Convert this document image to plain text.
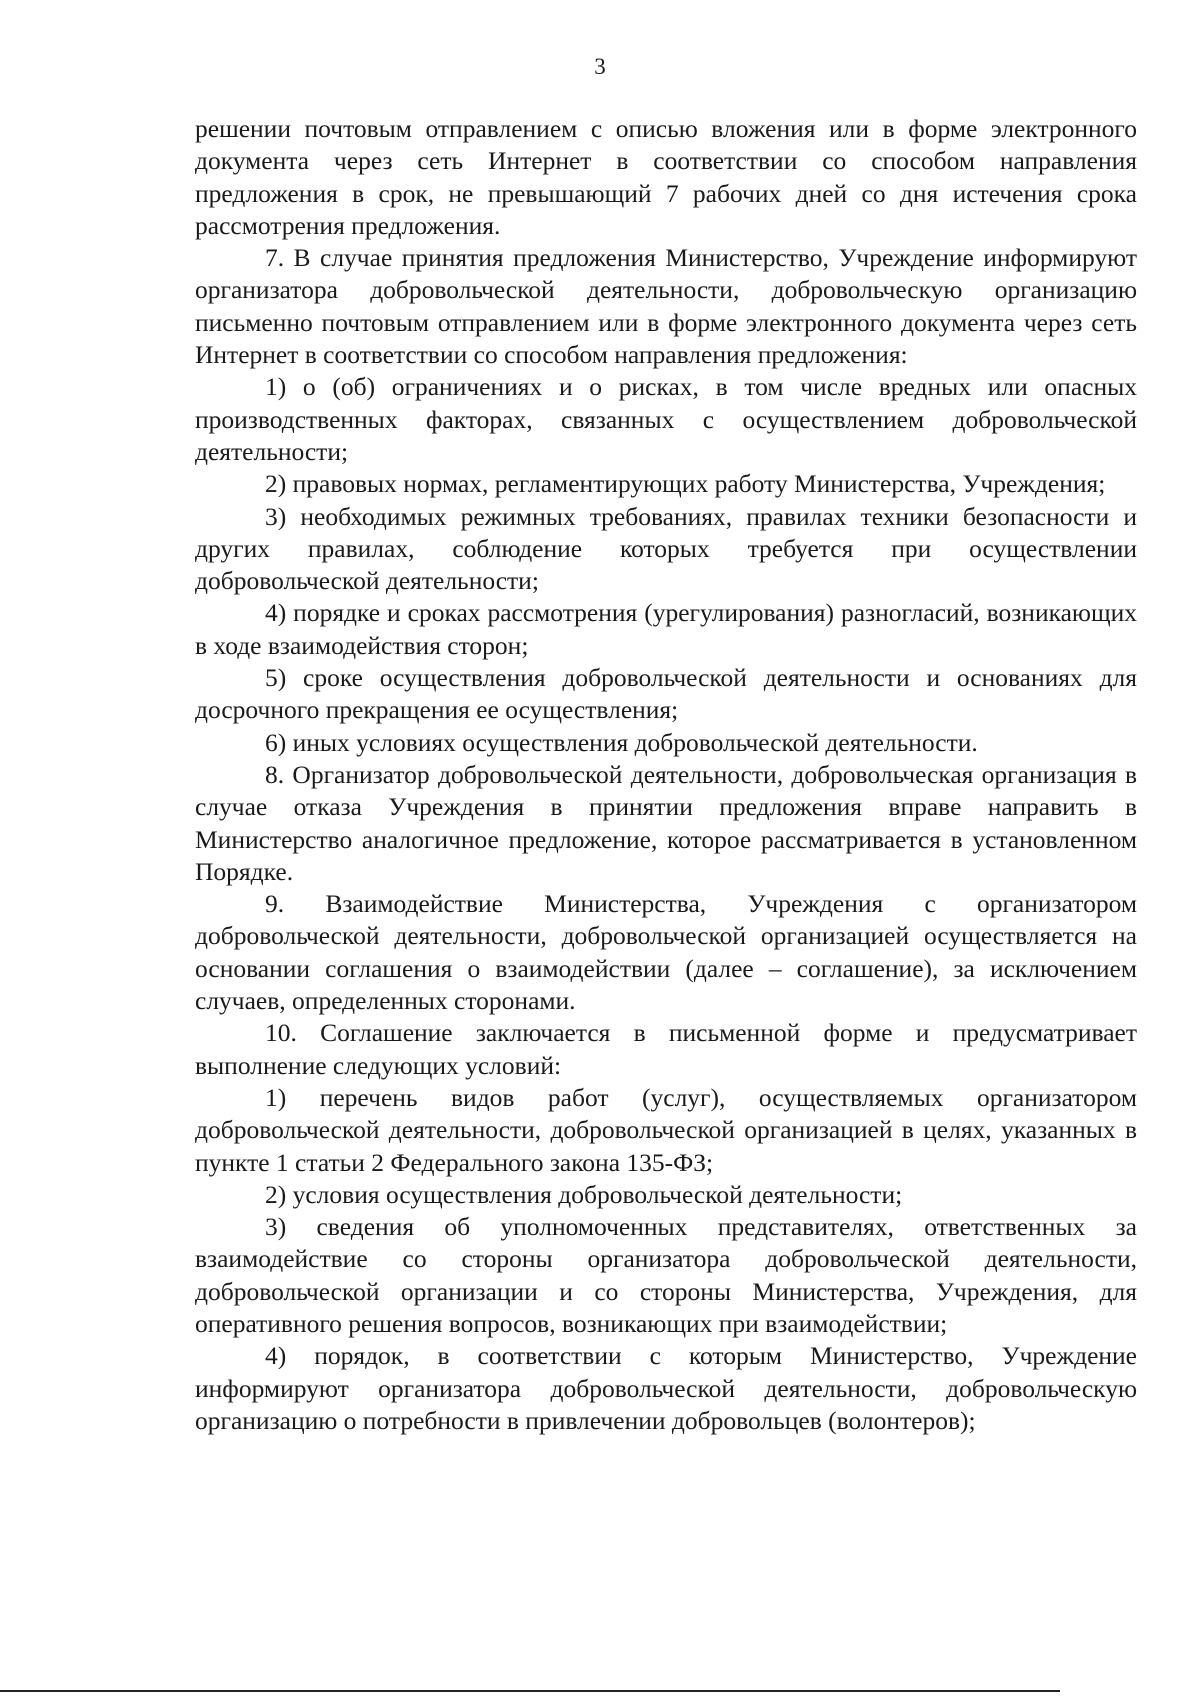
3

решении почтовым отправлением с описью вложения или в форме электронного документа через сеть Интернет в соответствии со способом направления предложения в срок, не превышающий 7 рабочих дней со дня истечения срока рассмотрения предложения.

7. В случае принятия предложения Министерство, Учреждение информируют организатора добровольческой деятельности, добровольческую организацию письменно почтовым отправлением или в форме электронного документа через сеть Интернет в соответствии со способом направления предложения:

1) о (об) ограничениях и о рисках, в том числе вредных или опасных производственных факторах, связанных с осуществлением добровольческой деятельности;

2) правовых нормах, регламентирующих работу Министерства, Учреждения;

3) необходимых режимных требованиях, правилах техники безопасности и других правилах, соблюдение которых требуется при осуществлении добровольческой деятельности;

4) порядке и сроках рассмотрения (урегулирования) разногласий, возникающих в ходе взаимодействия сторон;

5) сроке осуществления добровольческой деятельности и основаниях для досрочного прекращения ее осуществления;

6) иных условиях осуществления добровольческой деятельности.

8. Организатор добровольческой деятельности, добровольческая организация в случае отказа Учреждения в принятии предложения вправе направить в Министерство аналогичное предложение, которое рассматривается в установленном Порядке.

9. Взаимодействие Министерства, Учреждения с организатором добровольческой деятельности, добровольческой организацией осуществляется на основании соглашения о взаимодействии (далее – соглашение), за исключением случаев, определенных сторонами.

10. Соглашение заключается в письменной форме и предусматривает выполнение следующих условий:

1) перечень видов работ (услуг), осуществляемых организатором добровольческой деятельности, добровольческой организацией в целях, указанных в пункте 1 статьи 2 Федерального закона 135-ФЗ;

2) условия осуществления добровольческой деятельности;

3) сведения об уполномоченных представителях, ответственных за взаимодействие со стороны организатора добровольческой деятельности, добровольческой организации и со стороны Министерства, Учреждения, для оперативного решения вопросов, возникающих при взаимодействии;

4) порядок, в соответствии с которым Министерство, Учреждение информируют организатора добровольческой деятельности, добровольческую организацию о потребности в привлечении добровольцев (волонтеров);
